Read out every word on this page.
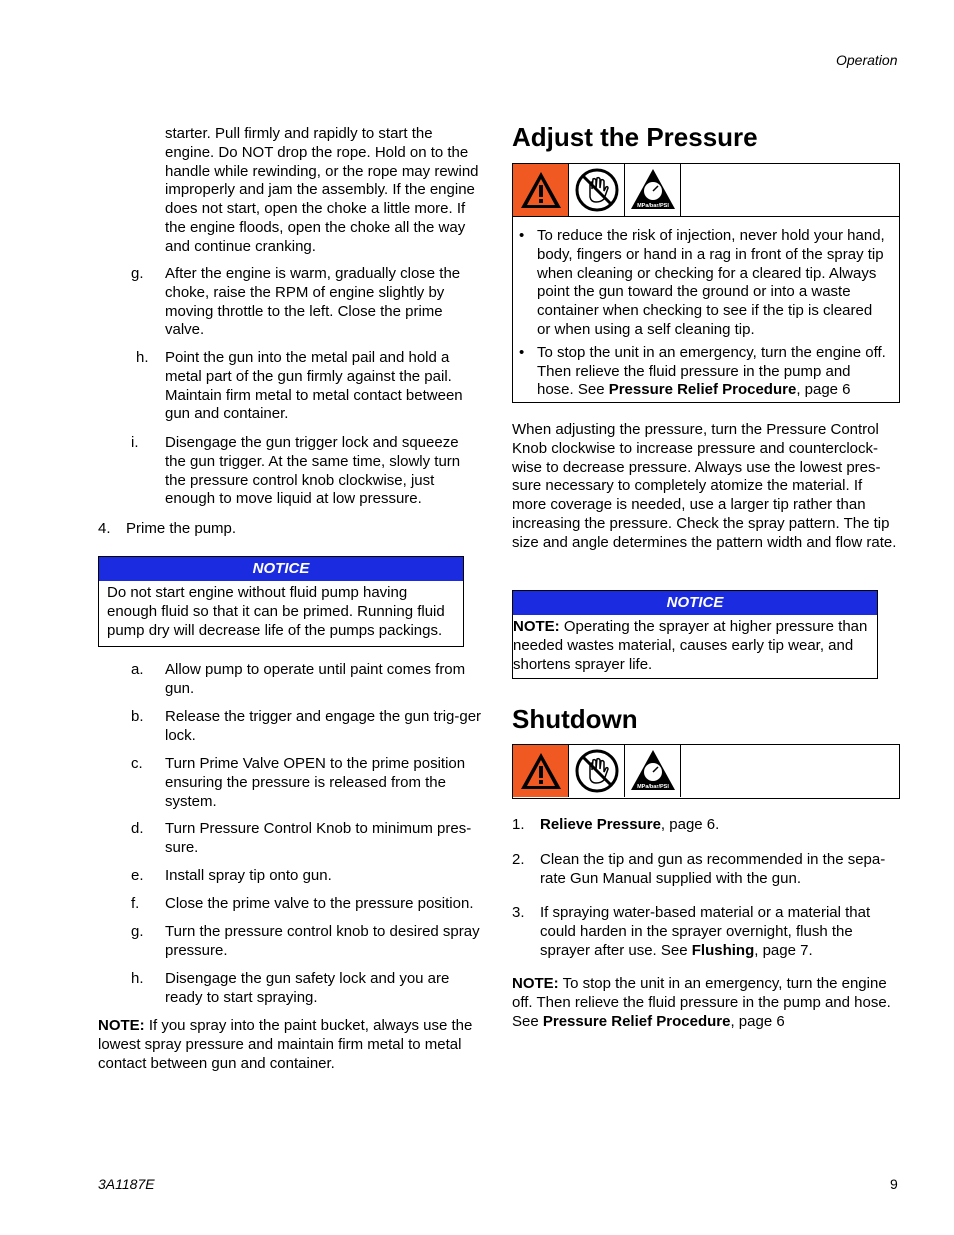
Operation
starter. Pull firmly and rapidly to start the engine. Do NOT drop the rope. Hold on to the handle while rewinding, or the rope may rewind improperly and jam the assembly. If the engine does not start, open the choke a little more. If the engine floods, open the choke all the way and continue cranking.
g. After the engine is warm, gradually close the choke, raise the RPM of engine slightly by moving throttle to the left. Close the prime valve.
h. Point the gun into the metal pail and hold a metal part of the gun firmly against the pail. Maintain firm metal to metal contact between gun and container.
i. Disengage the gun trigger lock and squeeze the gun trigger. At the same time, slowly turn the pressure control knob clockwise, just enough to move liquid at low pressure.
4. Prime the pump.
NOTICE
Do not start engine without fluid pump having enough fluid so that it can be primed. Running fluid pump dry will decrease life of the pumps packings.
a. Allow pump to operate until paint comes from gun.
b. Release the trigger and engage the gun trig-ger lock.
c. Turn Prime Valve OPEN to the prime position ensuring the pressure is released from the system.
d. Turn Pressure Control Knob to minimum pres-sure.
e. Install spray tip onto gun.
f. Close the prime valve to the pressure position.
g. Turn the pressure control knob to desired spray pressure.
h. Disengage the gun safety lock and you are ready to start spraying.
NOTE: If you spray into the paint bucket, always use the lowest spray pressure and maintain firm metal to metal contact between gun and container.
Adjust the Pressure
MPa/bar/PSI
• To reduce the risk of injection, never hold your hand, body, fingers or hand in a rag in front of the spray tip when cleaning or checking for a cleared tip. Always point the gun toward the ground or into a waste container when checking to see if the tip is cleared or when using a self cleaning tip.
• To stop the unit in an emergency, turn the engine off. Then relieve the fluid pressure in the pump and hose. See Pressure Relief Procedure, page 6
When adjusting the pressure, turn the Pressure Control Knob clockwise to increase pressure and counterclock-wise to decrease pressure. Always use the lowest pres-sure necessary to completely atomize the material. If more coverage is needed, use a larger tip rather than increasing the pressure. Check the spray pattern. The tip size and angle determines the pattern width and flow rate.
NOTICE
NOTE: Operating the sprayer at higher pressure than needed wastes material, causes early tip wear, and shortens sprayer life.
Shutdown
MPa/bar/PSI
1. Relieve Pressure, page 6.
2. Clean the tip and gun as recommended in the sepa-rate Gun Manual supplied with the gun.
3. If spraying water-based material or a material that could harden in the sprayer overnight, flush the sprayer after use. See Flushing, page 7.
NOTE: To stop the unit in an emergency, turn the engine off. Then relieve the fluid pressure in the pump and hose. See Pressure Relief Procedure, page 6
3A1187E	9
